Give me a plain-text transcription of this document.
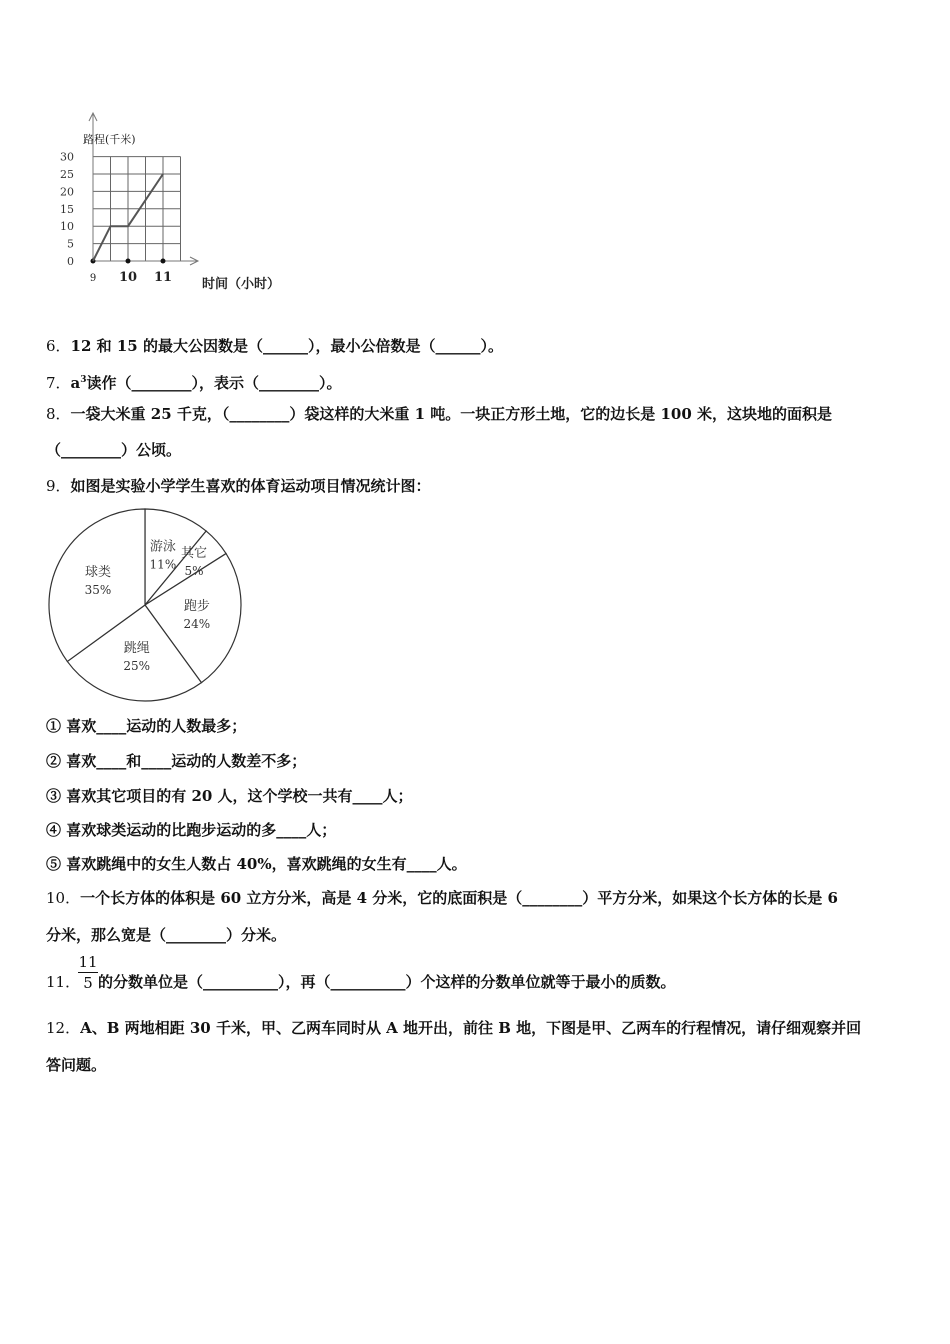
30
25
20
15
10
5
0
9 10 11
路程(千米)
时间（小时）
6．12 和 15 的最大公因数是（______），最小公倍数是（______）。
7．$a^3$读作（________），表示（________）。
8．一袋大米重 25 千克，（________）袋这样的大米重 1 吨。一块正方形土地，它的边长是 100 米，这块地的面积是
（________）公顷。
9．如图是实验小学学生喜欢的体育运动项目情况统计图：
游泳
11%
其它
5%
跑步
24%
跳绳
25%
球类
35%
① 喜欢____运动的人数最多；
② 喜欢____和____运动的人数差不多；
③ 喜欢其它项目的有 20 人，这个学校一共有____人；
④ 喜欢球类运动的比跑步运动的多____人；
⑤ 喜欢跳绳中的女生人数占 40%，喜欢跳绳的女生有____人。
10．一个长方体的体积是 60 立方分米，高是 4 分米，它的底面积是（________）平方分米，如果这个长方体的长是 6
分米，那么宽是（________）分米。
11．
11
5 的分数单位是（__________），再（__________）个这样的分数单位就等于最小的质数。
12．A、B 两地相距 30 千米，甲、乙两车同时从 A 地开出，前往 B 地，下图是甲、乙两车的行程情况，请仔细观察并回
答问题。
